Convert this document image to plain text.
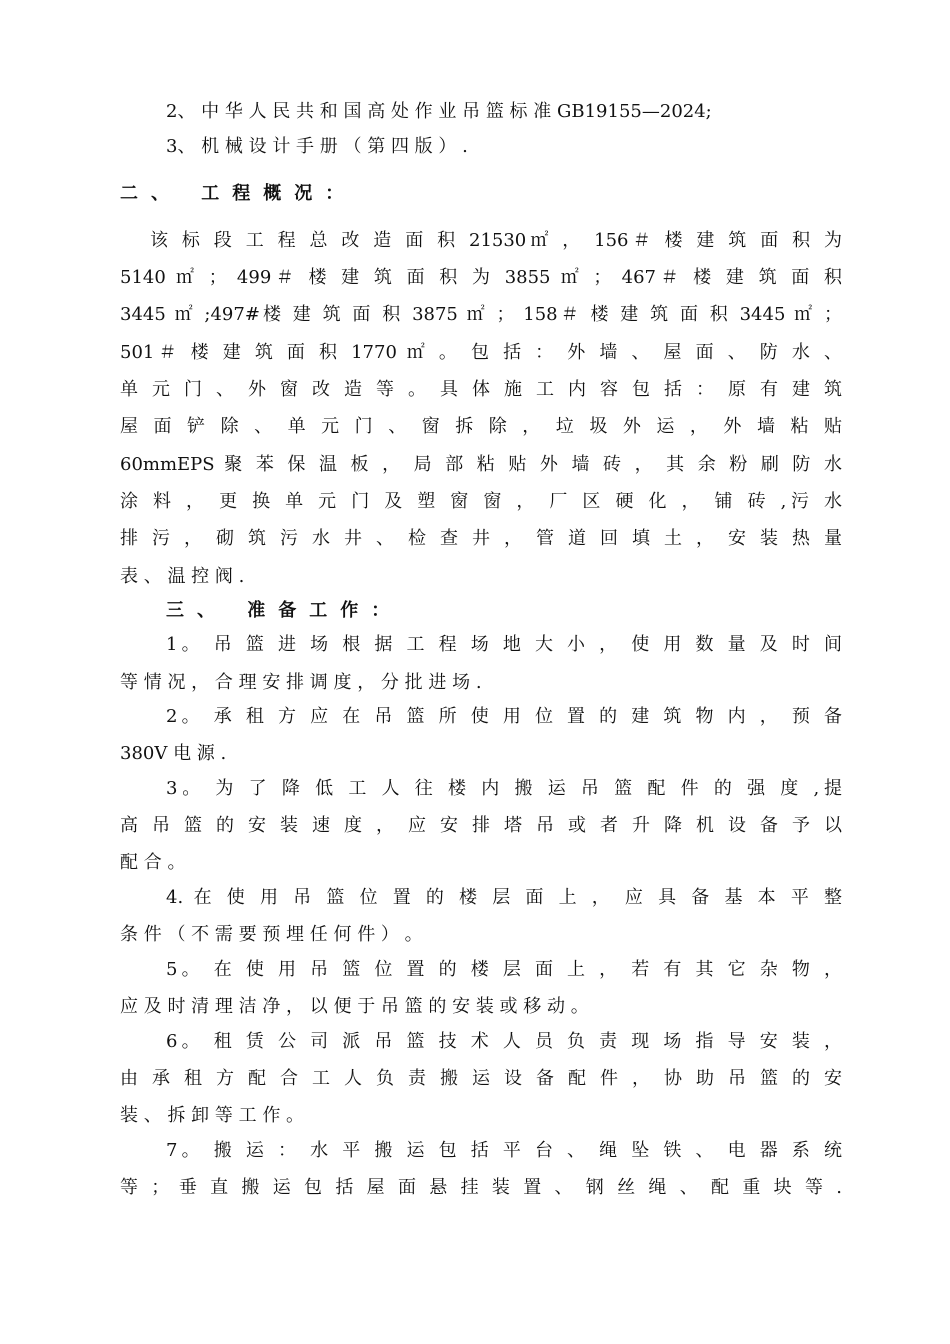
2、 中 华 人 民 共 和 国 高 处 作 业 吊 篮 标 准 GB19155—2024;
3、 机 械 设 计 手 册 （ 第 四 版 ） .
二、 工程概况：
该 标 段 工 程 总 改 造 面 积 21530㎡ ， 156＃ 楼 建 筑 面 积 为
5140 ㎡ ； 499＃ 楼 建 筑 面 积 为 3855 ㎡ ； 467＃ 楼 建 筑 面 积
3445 ㎡ ;497#楼 建 筑 面 积 3875 ㎡ ； 158＃ 楼 建 筑 面 积 3445 ㎡ ；
501＃ 楼 建 筑 面 积 1770 ㎡ 。 包 括 ： 外 墙 、 屋 面 、 防 水 、
单 元 门 、 外 窗 改 造 等 。 具 体 施 工 内 容 包 括 ： 原 有 建 筑
屋 面 铲 除 、 单 元 门 、 窗 拆 除 ， 垃 圾 外 运 ， 外 墙 粘 贴
60mmEPS 聚 苯 保 温 板 ， 局 部 粘 贴 外 墙 砖 ， 其 余 粉 刷 防 水
涂 料 ， 更 换 单 元 门 及 塑 窗 窗 ， 厂 区 硬 化 ， 铺 砖 ,污 水
排 污 ， 砌 筑 污 水 井 、 检 查 井 ， 管 道 回 填 土 ， 安 装 热 量
表 、 温 控 阀 .
三、 准备工作：
1。 吊 篮 进 场 根 据 工 程 场 地 大 小 ， 使 用 数 量 及 时 间
等 情 况 ， 合 理 安 排 调 度 ， 分 批 进 场 .
2。 承 租 方 应 在 吊 篮 所 使 用 位 置 的 建 筑 物 内 ， 预 备
380V 电 源 .
3。 为 了 降 低 工 人 往 楼 内 搬 运 吊 篮 配 件 的 强 度 ,提
高 吊 篮 的 安 装 速 度 ， 应 安 排 塔 吊 或 者 升 降 机 设 备 予 以
配 合 。
4. 在 使 用 吊 篮 位 置 的 楼 层 面 上 ， 应 具 备 基 本 平 整
条 件 （ 不 需 要 预 埋 任 何 件 ） 。
5。 在 使 用 吊 篮 位 置 的 楼 层 面 上 ， 若 有 其 它 杂 物 ，
应 及 时 清 理 洁 净 ， 以 便 于 吊 篮 的 安 装 或 移 动 。
6。 租 赁 公 司 派 吊 篮 技 术 人 员 负 责 现 场 指 导 安 装 ，
由 承 租 方 配 合 工 人 负 责 搬 运 设 备 配 件 ， 协 助 吊 篮 的 安
装 、 拆 卸 等 工 作 。
7。 搬 运 ： 水 平 搬 运 包 括 平 台 、 绳 坠 铁 、 电 器 系 统
等 ； 垂 直 搬 运 包 括 屋 面 悬 挂 装 置 、 钢 丝 绳 、 配 重 块 等 .
